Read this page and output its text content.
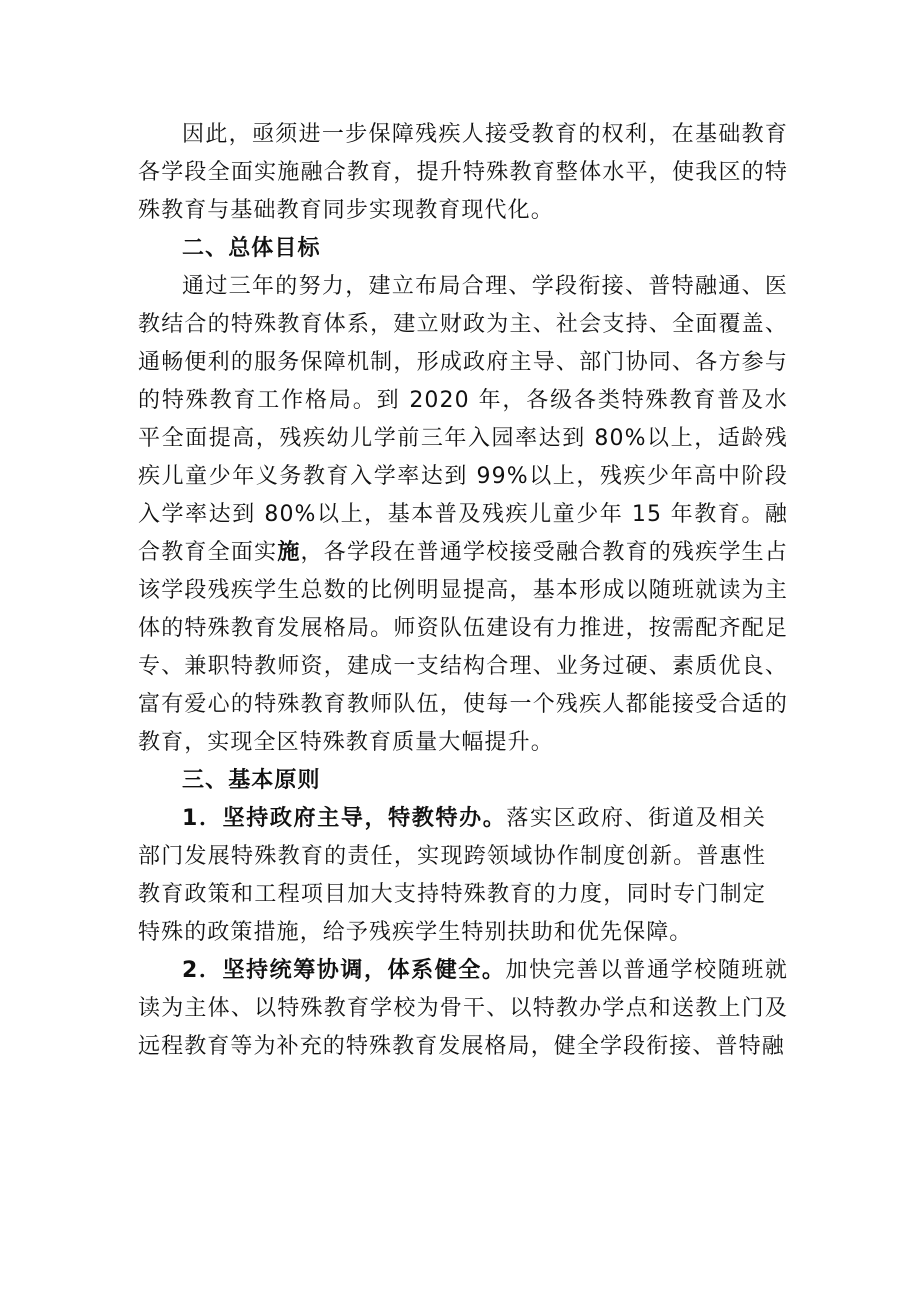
因此，亟须进一步保障残疾人接受教育的权利，在基础教育各学段全面实施融合教育，提升特殊教育整体水平，使我区的特殊教育与基础教育同步实现教育现代化。

二、总体目标

通过三年的努力，建立布局合理、学段衔接、普特融通、医教结合的特殊教育体系，建立财政为主、社会支持、全面覆盖、通畅便利的服务保障机制，形成政府主导、部门协同、各方参与的特殊教育工作格局。到 2020 年，各级各类特殊教育普及水平全面提高，残疾幼儿学前三年入园率达到 80%以上，适龄残疾儿童少年义务教育入学率达到 99%以上，残疾少年高中阶段入学率达到 80%以上，基本普及残疾儿童少年 15 年教育。融合教育全面实施，各学段在普通学校接受融合教育的残疾学生占该学段残疾学生总数的比例明显提高，基本形成以随班就读为主体的特殊教育发展格局。师资队伍建设有力推进，按需配齐配足专、兼职特教师资，建成一支结构合理、业务过硬、素质优良、富有爱心的特殊教育教师队伍，使每一个残疾人都能接受合适的教育，实现全区特殊教育质量大幅提升。

三、基本原则

1．坚持政府主导，特教特办。落实区政府、街道及相关部门发展特殊教育的责任，实现跨领域协作制度创新。普惠性教育政策和工程项目加大支持特殊教育的力度，同时专门制定特殊的政策措施，给予残疾学生特别扶助和优先保障。

2．坚持统筹协调，体系健全。加快完善以普通学校随班就读为主体、以特殊教育学校为骨干、以特教办学点和送教上门及远程教育等为补充的特殊教育发展格局，健全学段衔接、普特融
